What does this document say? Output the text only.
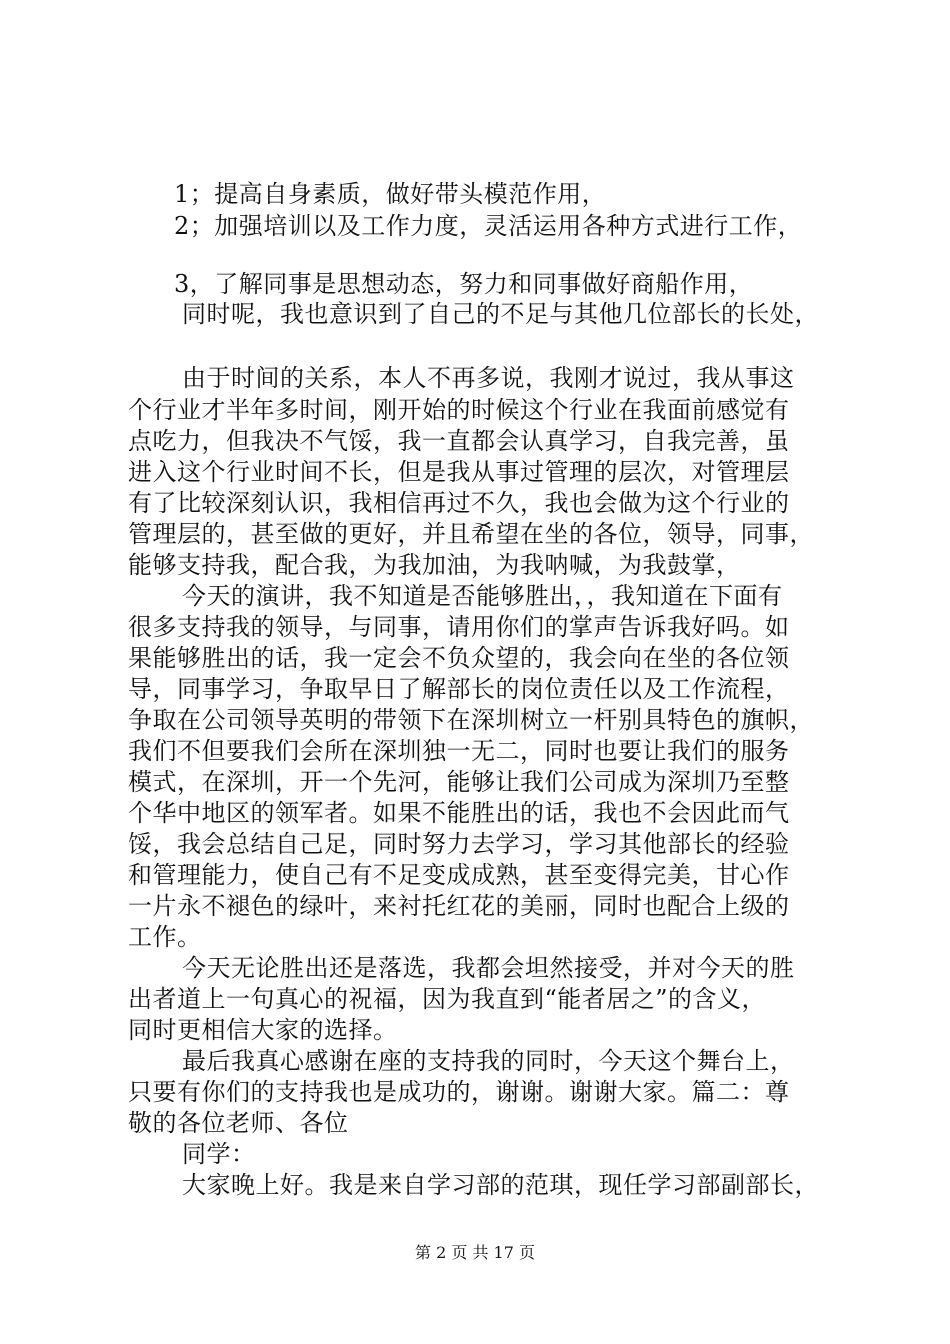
1；提高自身素质，做好带头模范作用，
2；加强培训以及工作力度，灵活运用各种方式进行工作，
3，了解同事是思想动态，努力和同事做好商船作用，
同时呢，我也意识到了自己的不足与其他几位部长的长处，
由于时间的关系，本人不再多说，我刚才说过，我从事这
个行业才半年多时间，刚开始的时候这个行业在我面前感觉有
点吃力，但我决不气馁，我一直都会认真学习，自我完善，虽
进入这个行业时间不长，但是我从事过管理的层次，对管理层
有了比较深刻认识，我相信再过不久，我也会做为这个行业的
管理层的，甚至做的更好，并且希望在坐的各位，领导，同事，
能够支持我，配合我，为我加油，为我呐喊，为我鼓掌，
今天的演讲，我不知道是否能够胜出，，我知道在下面有
很多支持我的领导，与同事，请用你们的掌声告诉我好吗。如
果能够胜出的话，我一定会不负众望的，我会向在坐的各位领
导，同事学习，争取早日了解部长的岗位责任以及工作流程，
争取在公司领导英明的带领下在深圳树立一杆别具特色的旗帜，
我们不但要我们会所在深圳独一无二，同时也要让我们的服务
模式，在深圳，开一个先河，能够让我们公司成为深圳乃至整
个华中地区的领军者。如果不能胜出的话，我也不会因此而气
馁，我会总结自己足，同时努力去学习，学习其他部长的经验
和管理能力，使自己有不足变成成熟，甚至变得完美，甘心作
一片永不褪色的绿叶，来衬托红花的美丽，同时也配合上级的
工作。
今天无论胜出还是落选，我都会坦然接受，并对今天的胜
出者道上一句真心的祝福，因为我直到“能者居之”的含义，
同时更相信大家的选择。
最后我真心感谢在座的支持我的同时，今天这个舞台上，
只要有你们的支持我也是成功的，谢谢。谢谢大家。篇二：尊
敬的各位老师、各位
同学：
大家晚上好。我是来自学习部的范琪，现任学习部副部长，
第 2 页 共 17 页
